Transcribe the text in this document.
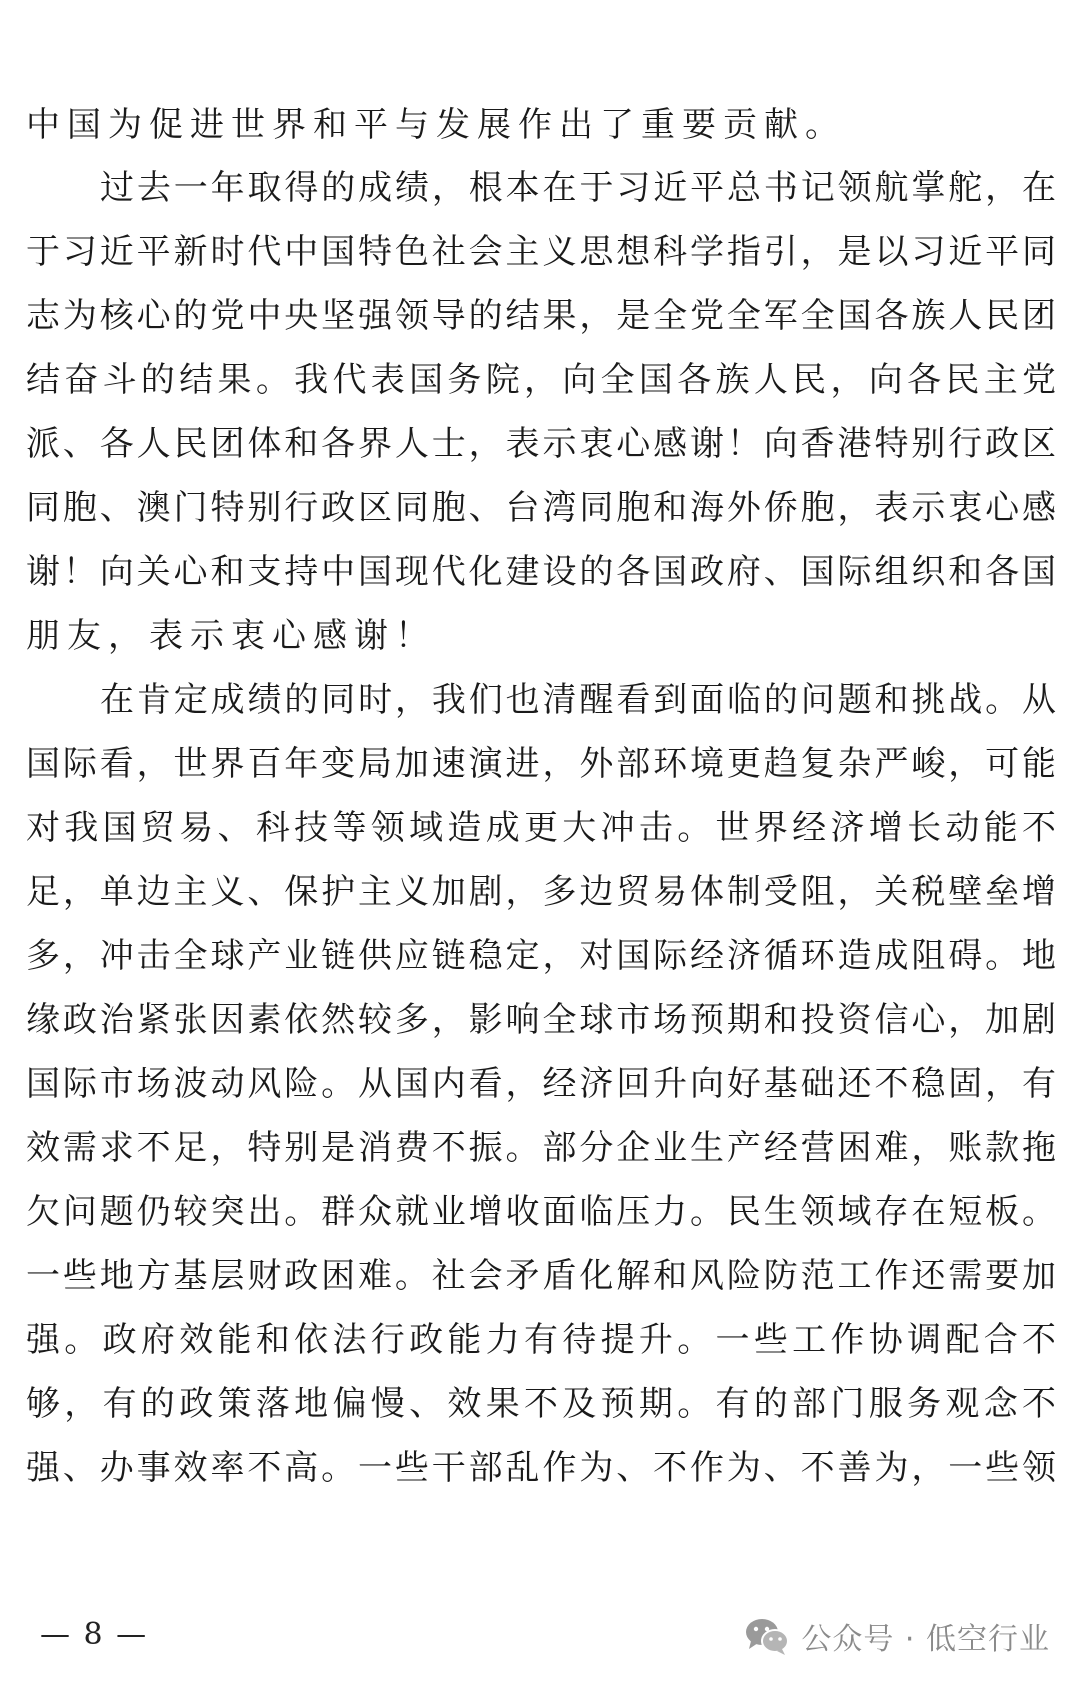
中国为促进世界和平与发展作出了重要贡献。
过去一年取得的成绩，根本在于习近平总书记领航掌舵，在
于习近平新时代中国特色社会主义思想科学指引，是以习近平同
志为核心的党中央坚强领导的结果，是全党全军全国各族人民团
结奋斗的结果。我代表国务院，向全国各族人民，向各民主党
派、各人民团体和各界人士，表示衷心感谢！向香港特别行政区
同胞、澳门特别行政区同胞、台湾同胞和海外侨胞，表示衷心感
谢！向关心和支持中国现代化建设的各国政府、国际组织和各国
朋友，表示衷心感谢！
在肯定成绩的同时，我们也清醒看到面临的问题和挑战。从
国际看，世界百年变局加速演进，外部环境更趋复杂严峻，可能
对我国贸易、科技等领域造成更大冲击。世界经济增长动能不
足，单边主义、保护主义加剧，多边贸易体制受阻，关税壁垒增
多，冲击全球产业链供应链稳定，对国际经济循环造成阻碍。地
缘政治紧张因素依然较多，影响全球市场预期和投资信心，加剧
国际市场波动风险。从国内看，经济回升向好基础还不稳固，有
效需求不足，特别是消费不振。部分企业生产经营困难，账款拖
欠问题仍较突出。群众就业增收面临压力。民生领域存在短板。
一些地方基层财政困难。社会矛盾化解和风险防范工作还需要加
强。政府效能和依法行政能力有待提升。一些工作协调配合不
够，有的政策落地偏慢、效果不及预期。有的部门服务观念不
强、办事效率不高。一些干部乱作为、不作为、不善为，一些领
— 8 —	公众号 · 低空行业
